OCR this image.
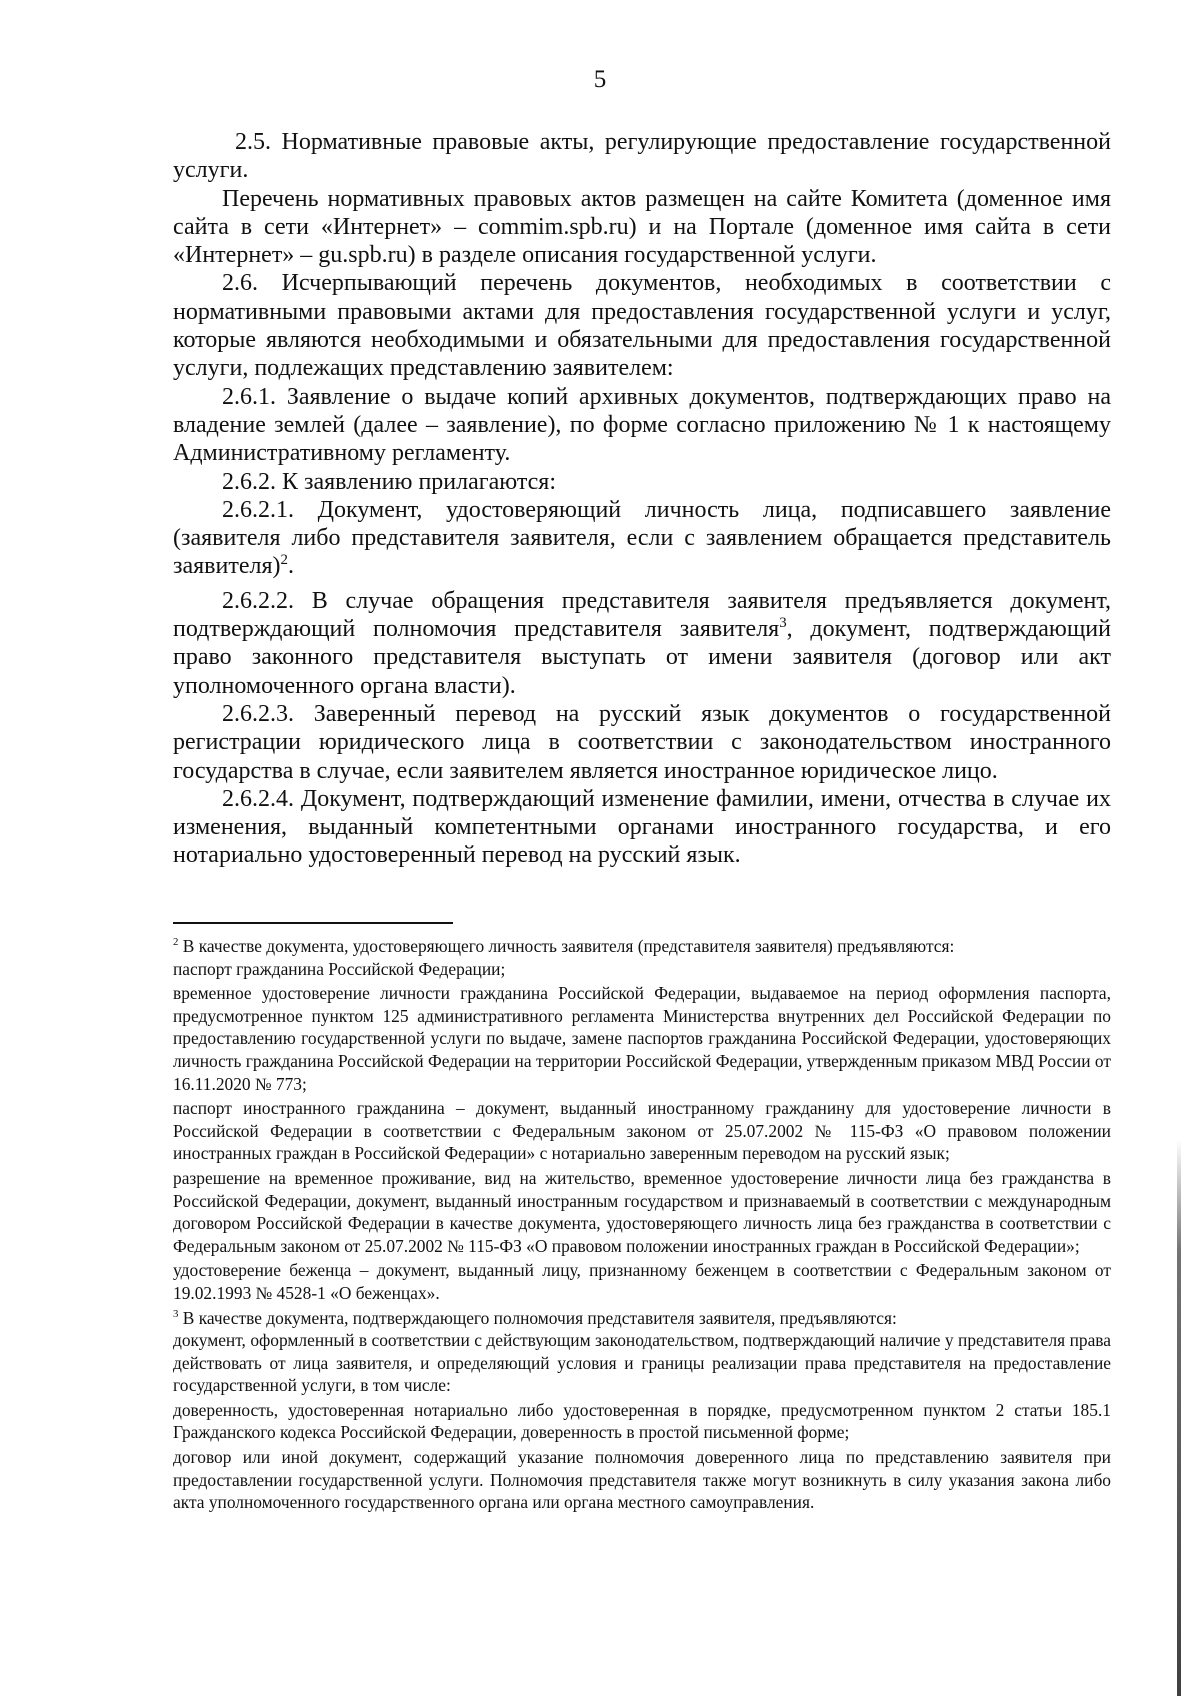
5

2.5. Нормативные правовые акты, регулирующие предоставление государственной услуги.

Перечень нормативных правовых актов размещен на сайте Комитета (доменное имя сайта в сети «Интернет» – commim.spb.ru) и на Портале (доменное имя сайта в сети «Интернет» – gu.spb.ru) в разделе описания государственной услуги.

2.6. Исчерпывающий перечень документов, необходимых в соответствии с нормативными правовыми актами для предоставления государственной услуги и услуг, которые являются необходимыми и обязательными для предоставления государственной услуги, подлежащих представлению заявителем:

2.6.1. Заявление о выдаче копий архивных документов, подтверждающих право на владение землей (далее – заявление), по форме согласно приложению № 1 к настоящему Административному регламенту.

2.6.2. К заявлению прилагаются:

2.6.2.1. Документ, удостоверяющий личность лица, подписавшего заявление (заявителя либо представителя заявителя, если с заявлением обращается представитель заявителя)$^2$.

2.6.2.2. В случае обращения представителя заявителя предъявляется документ, подтверждающий полномочия представителя заявителя$^3$, документ, подтверждающий право законного представителя выступать от имени заявителя (договор или акт уполномоченного органа власти).

2.6.2.3. Заверенный перевод на русский язык документов о государственной регистрации юридического лица в соответствии с законодательством иностранного государства в случае, если заявителем является иностранное юридическое лицо.

2.6.2.4. Документ, подтверждающий изменение фамилии, имени, отчества в случае их изменения, выданный компетентными органами иностранного государства, и его нотариально удостоверенный перевод на русский язык.

$^2$ В качестве документа, удостоверяющего личность заявителя (представителя заявителя) предъявляются:

паспорт гражданина Российской Федерации;

временное удостоверение личности гражданина Российской Федерации, выдаваемое на период оформления паспорта, предусмотренное пунктом 125 административного регламента Министерства внутренних дел Российской Федерации по предоставлению государственной услуги по выдаче, замене паспортов гражданина Российской Федерации, удостоверяющих личность гражданина Российской Федерации на территории Российской Федерации, утвержденным приказом МВД России от 16.11.2020 № 773;

паспорт иностранного гражданина – документ, выданный иностранному гражданину для удостоверение личности в Российской Федерации в соответствии с Федеральным законом от 25.07.2002 № 115-ФЗ «О правовом положении иностранных граждан в Российской Федерации» с нотариально заверенным переводом на русский язык;

разрешение на временное проживание, вид на жительство, временное удостоверение личности лица без гражданства в Российской Федерации, документ, выданный иностранным государством и признаваемый в соответствии с международным договором Российской Федерации в качестве документа, удостоверяющего личность лица без гражданства в соответствии с Федеральным законом от 25.07.2002 № 115-ФЗ «О правовом положении иностранных граждан в Российской Федерации»;

удостоверение беженца – документ, выданный лицу, признанному беженцем в соответствии с Федеральным законом от 19.02.1993 № 4528-1 «О беженцах».

$^3$ В качестве документа, подтверждающего полномочия представителя заявителя, предъявляются:

документ, оформленный в соответствии с действующим законодательством, подтверждающий наличие у представителя права действовать от лица заявителя, и определяющий условия и границы реализации права представителя на предоставление государственной услуги, в том числе:

доверенность, удостоверенная нотариально либо удостоверенная в порядке, предусмотренном пунктом 2 статьи 185.1 Гражданского кодекса Российской Федерации, доверенность в простой письменной форме;

договор или иной документ, содержащий указание полномочия доверенного лица по представлению заявителя при предоставлении государственной услуги. Полномочия представителя также могут возникнуть в силу указания закона либо акта уполномоченного государственного органа или органа местного самоуправления.
